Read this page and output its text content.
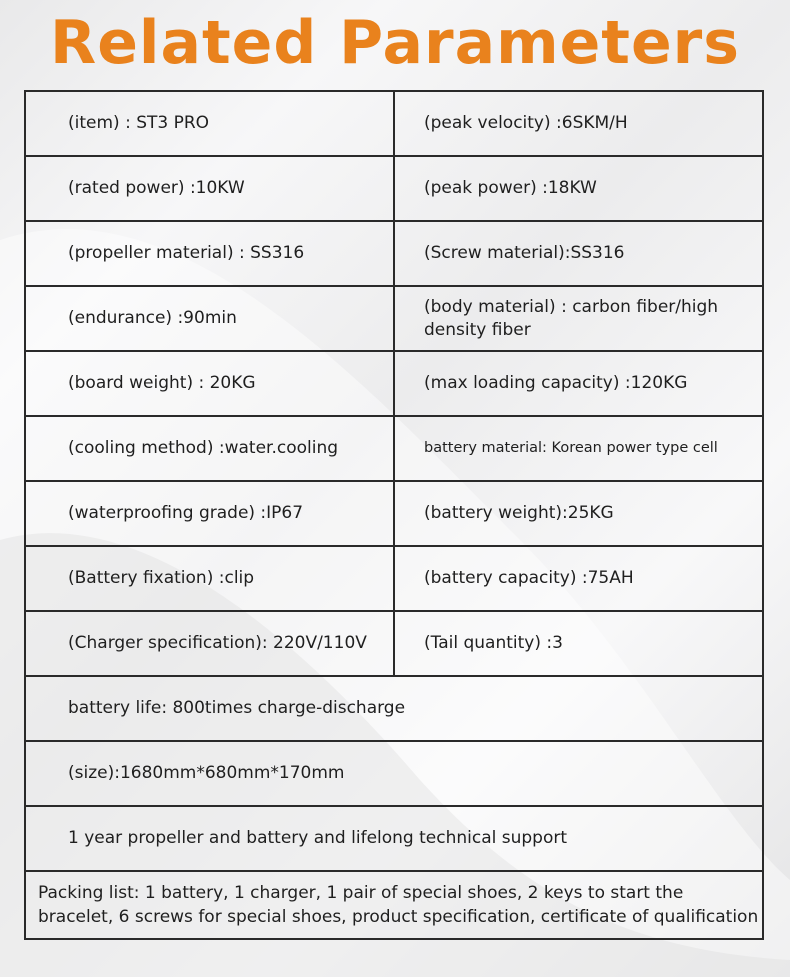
Related Parameters
(item) : ST3 PRO	(peak velocity) :6SKM/H
(rated power) :10KW	(peak power) :18KW
(propeller material) : SS316	(Screw material):SS316
(endurance) :90min	(body material) : carbon fiber/high density fiber
(board weight) : 20KG	(max loading capacity) :120KG
(cooling method) :water.cooling	battery material: Korean power type cell
(waterproofing grade) :IP67	(battery weight):25KG
(Battery fixation) :clip	(battery capacity) :75AH
(Charger specification): 220V/110V	(Tail quantity) :3
battery life: 800times charge-discharge	
(size):1680mm*680mm*170mm	
1 year propeller and battery and lifelong technical support	
Packing list: 1 battery, 1 charger, 1 pair of special shoes, 2 keys to start the bracelet, 6 screws for special shoes, product specification, certificate of qualification	
